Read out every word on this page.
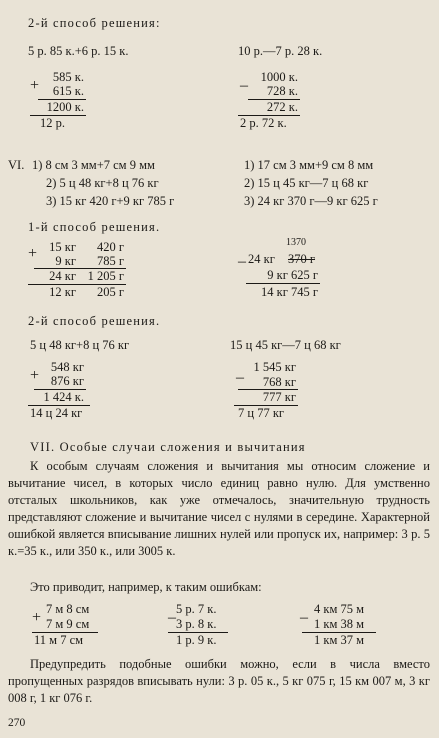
2-й способ решения:
5 р. 85 к.+6 р. 15 к.
585 к.
+	615 к.
1200 к.
12 р.
10 р.—7 р. 28 к.
1000 к.
–	728 к.
272 к.
2 р. 72 к.
VI. 1) 8 см 3 мм+7 см 9 мм
2) 5 ц 48 кг+8 ц 76 кг
3) 15 кг 420 г+9 кг 785 г
1) 17 см 3 мм+9 см 8 мм
2) 15 ц 45 кг—7 ц 68 кг
3) 24 кг 370 г—9 кг 625 г
1-й способ решения.
+ 15 кг	420 г
9 кг	785 г
24 кг 1 205 г
12 кг	205 г
1370
– 24 кг 370 г
9 кг 625 г
14 кг 745 г
2-й способ решения.
5 ц 48 кг+8 ц 76 кг
548 кг
+ 876 кг
1 424 к.
14 ц 24 кг
15 ц 45 кг—7 ц 68 кг
1 545 кг
–	768 кг
777 кг
7 ц 77 кг
VII. Особые случаи сложения и вычитания
К особым случаям сложения и вычитания мы относим сложение и вычитание чисел, в которых число единиц равно нулю. Для умственно отсталых школьников, как уже отмечалось, значительную трудность представляют сложение и вычитание чисел с нулями в середине. Характерной ошибкой является вписывание лишних нулей или пропуск их, например: 3 р. 5 к.=35 к., или 350 к., или 3005 к.
Это приводит, например, к таким ошибкам:
7 м 8 см
+ 7 м 9 см
11 м 7 см
5 р. 7 к.
– 3 р. 8 к.
1 р. 9 к.
4 км 75 м
– 1 км 38 м
1 км 37 м
Предупредить подобные ошибки можно, если в числа вместо пропущенных разрядов вписывать нули: 3 р. 05 к., 5 кг 075 г, 15 км 007 м, 3 кг 008 г, 1 кг 076 г.
270
